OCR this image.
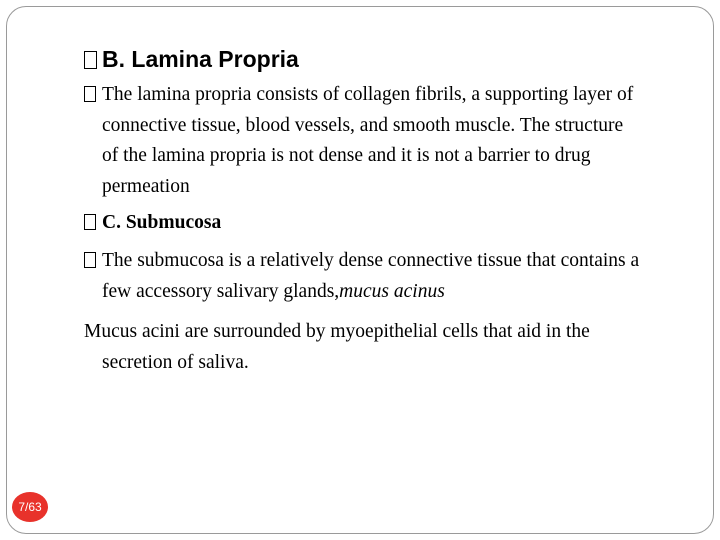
B. Lamina Propria
The lamina propria consists of collagen fibrils, a supporting layer of
connective tissue, blood vessels, and smooth muscle. The structure
of the lamina propria is not dense and it is not a barrier to drug
permeation
C. Submucosa
The submucosa is a relatively dense connective tissue that contains a
few accessory salivary glands,mucus acinus
Mucus acini are surrounded by myoepithelial cells that aid in the
secretion of saliva.
7/63
